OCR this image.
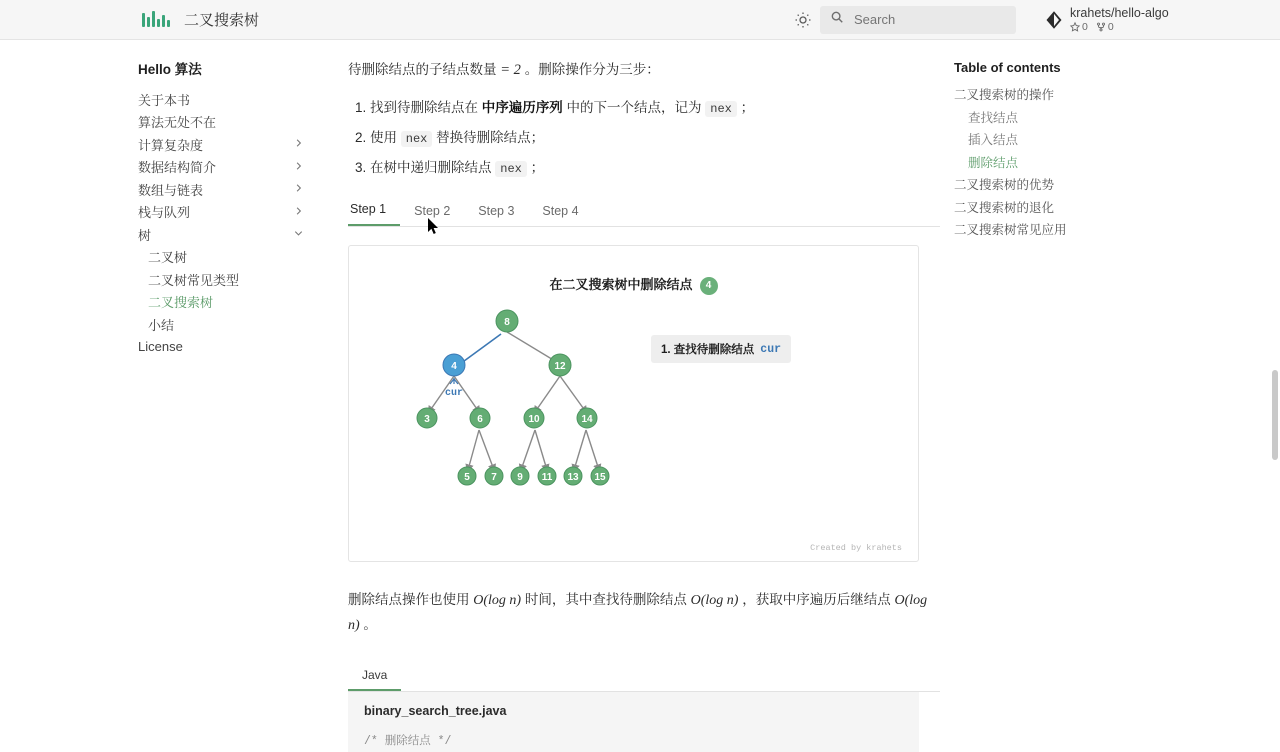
二叉搜索树
Search	krahets/hello-algo
0 0
Hello 算法
关于本书
算法无处不在
计算复杂度
数据结构简介
数组与链表
栈与队列
树
二叉树
二叉树常见类型
二叉搜索树
小结
License
待删除结点的子结点数量 = 2 。删除操作分为三步：
1. 找到待删除结点在 中序遍历序列 中的下一个结点，记为 nex ；
2. 使用 nex 替换待删除结点；
3. 在树中递归删除结点 nex ；
Step 1	Step 2	Step 3	Step 4
在二叉搜索树中删除结点 4
8
4	12
3	6	10	14
5 7 9 11 13 15
cur
1. 查找待删除结点 cur
Created by krahets
删除结点操作也使用 O(log n) 时间，其中查找待删除结点 O(log n) ，获取中序遍历后继结点 O(log n) 。
Java
binary_search_tree.java
/* 删除结点 */
Table of contents
二叉搜索树的操作
查找结点
插入结点
删除结点
二叉搜索树的优势
二叉搜索树的退化
二叉搜索树常见应用
